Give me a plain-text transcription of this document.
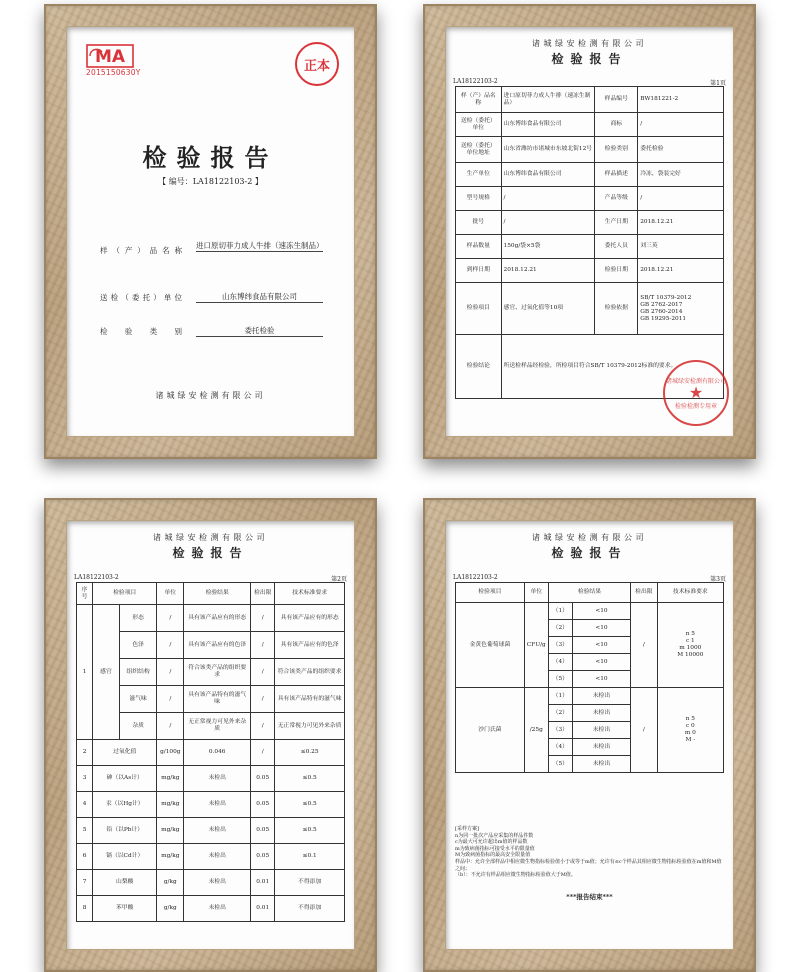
MA
2015150630Y	正本
检验报告
【 编号：LA18122103-2 】
样（产）品名称
进口原切菲力成人牛排（速冻生制品）
送检（委托）单位	山东博纬食品有限公司
检验类别	委托检验
诸城绿安检测有限公司
诸城绿安检测有限公司
检验报告
LA18122103-2	第1页
样（产）品名称	进口原切菲力成人牛排（速冻生制品）	样品编号	BW181221-2
送检（委托）单位	山东博纬食品有限公司	商标	/
送检（委托）单位地址	山东省潍坊市诸城市东坡北街12号	检验类别	委托检验
生产单位	山东博纬食品有限公司	样品描述	冷冻，袋装完好
型号规格	/	产品等级	/
批号	/	生产日期	2018.12.21
样品数量	150g/袋×5袋	委托人员	刘三英
到样日期	2018.12.21	检验日期	2018.12.21
检验项目	感官、过氧化值等10项	检验依据	SB/T 10379-2012
GB 2762-2017
GB 2760-2014
GB 19295-2011

检验结论	所送检样品经检验，所检项目符合SB/T 10379-2012标准的要求。		
诸城绿安检测有限公司
★
检验检测专用章
诸城绿安检测有限公司
检验报告
LA18122103-2	第2页
序号	检验项目		单位	检验结果	检出限	技术标准要求
1	感官	形态	/	具有该产品应有的形态	/	具有该产品应有的形态
		色泽	/	具有该产品应有的色泽	/	具有该产品应有的色泽
		组织结构	/	符合该类产品的组织要求	/	符合该类产品的组织要求
		滋气味	/	具有该产品特有的滋气味	/	具有该产品特有的滋气味
		杂质	/	无正常视力可见外来杂质	/	无正常视力可见外来杂质
2	过氧化值		g/100g	0.046	/	≤0.25
3	砷（以As计）		mg/kg	未检出	0.05	≤0.5
4	汞（以Hg计）		mg/kg	未检出	0.05	≤0.5
5	铅（以Pb计）		mg/kg	未检出	0.05	≤0.5
6	镉（以Cd计）		mg/kg	未检出	0.05	≤0.1
7	山梨酸		g/kg	未检出	0.01	不得添加
8	苯甲酸		g/kg	未检出	0.01	不得添加
诸城绿安检测有限公司
检验报告
LA18122103-2	第3页
检验项目	单位	检验结果		检出限	技术标准要求
金黄色葡萄球菌	CFU/g	（1）	<10	/	n 5
c 1
m 1000
M 10000

		（2）	<10		
		（3）	<10		
		（4）	<10		
		（5）	<10		
沙门氏菌	/25g	（1）	未检出	/	n 5
c 0
m 0
M -

		（2）	未检出		
		（3）	未检出		
		（4）	未检出		
		（5）	未检出		
[采样方案]
n为同一批次产品应采集的样品件数
c为最大可允许超出m值的样品数
m为致病菌指标可接受水平的限量值
M为致病菌指标的最高安全限量值
样品中：允许全部样品中相应微生物指标检验值小于或等于m值；允许有≤c个样品其相应微生物指标检验值在m值和M值之间；
（b）：不允许有样品相应微生物指标检验值大于M值。
***报告结束***
